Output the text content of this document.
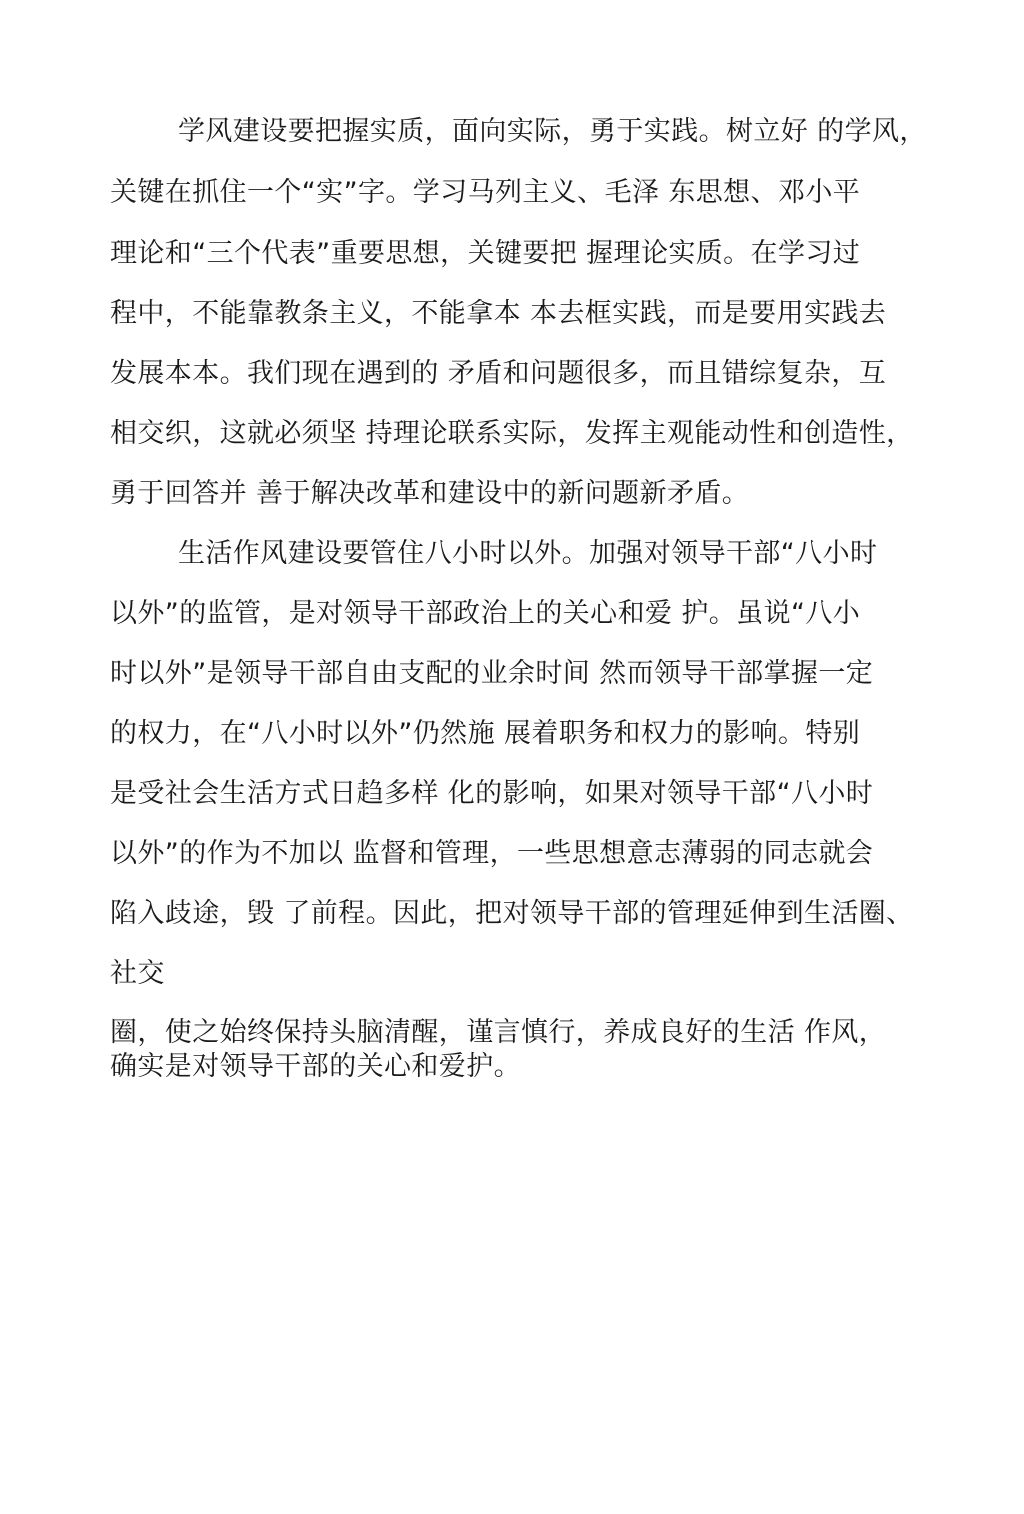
学风建设要把握实质，面向实际，勇于实践。树立好 的学风，
关键在抓住一个“实”字。学习马列主义、毛泽 东思想、邓小平
理论和“三个代表”重要思想，关键要把 握理论实质。在学习过
程中，不能靠教条主义，不能拿本 本去框实践，而是要用实践去
发展本本。我们现在遇到的 矛盾和问题很多，而且错综复杂，互
相交织，这就必须坚 持理论联系实际，发挥主观能动性和创造性，
勇于回答并 善于解决改革和建设中的新问题新矛盾。
生活作风建设要管住八小时以外。加强对领导干部“八小时
以外”的监管，是对领导干部政治上的关心和爱 护。虽说“八小
时以外”是领导干部自由支配的业余时间 然而领导干部掌握一定
的权力，在“八小时以外”仍然施 展着职务和权力的影响。特别
是受社会生活方式日趋多样 化的影响，如果对领导干部“八小时
以外”的作为不加以 监督和管理，一些思想意志薄弱的同志就会
陷入歧途，毁 了前程。因此，把对领导干部的管理延伸到生活圈、
社交
圈，使之始终保持头脑清醒，谨言慎行，养成良好的生活 作风，
确实是对领导干部的关心和爱护。
